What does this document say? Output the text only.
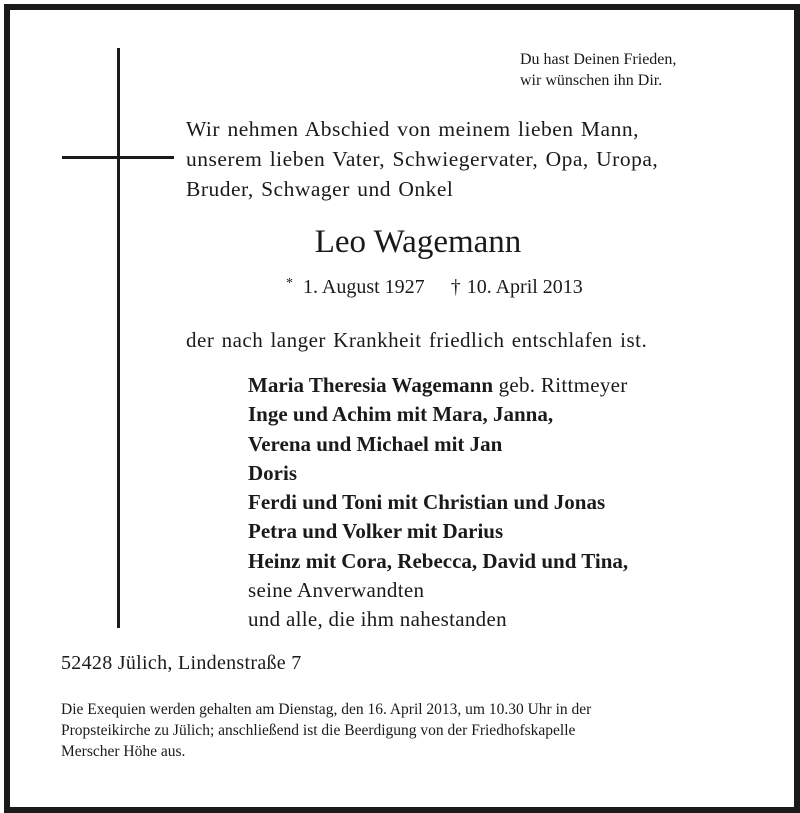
Du hast Deinen Frieden,
wir wünschen ihn Dir.
Wir nehmen Abschied von meinem lieben Mann,
unserem lieben Vater, Schwiegervater, Opa, Uropa,
Bruder, Schwager und Onkel
Leo Wagemann
* 1. August 1927 † 10. April 2013
der nach langer Krankheit friedlich entschlafen ist.
Maria Theresia Wagemann geb. Rittmeyer
Inge und Achim mit Mara, Janna,
Verena und Michael mit Jan
Doris
Ferdi und Toni mit Christian und Jonas
Petra und Volker mit Darius
Heinz mit Cora, Rebecca, David und Tina,
seine Anverwandten
und alle, die ihm nahestanden
52428 Jülich, Lindenstraße 7
Die Exequien werden gehalten am Dienstag, den 16. April 2013, um 10.30 Uhr in der
Propsteikirche zu Jülich; anschließend ist die Beerdigung von der Friedhofskapelle
Merscher Höhe aus.
